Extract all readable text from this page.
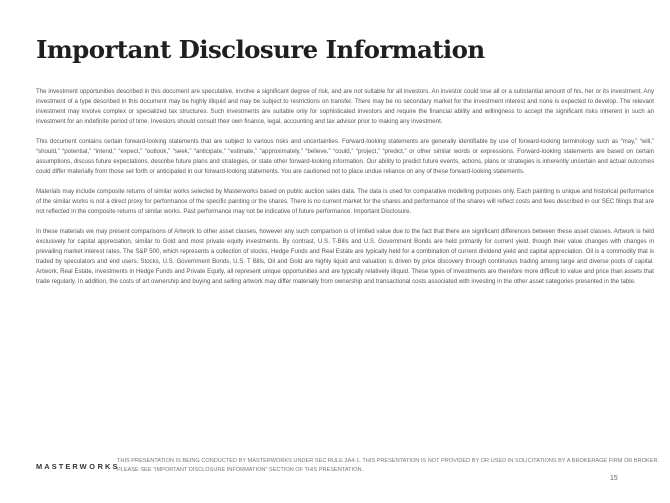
Important Disclosure Information

The investment opportunities described in this document are speculative, involve a significant degree of risk, and are not suitable for all investors. An investor could lose all or a substantial amount of his, her or its investment. Any investment of a type described in this document may be highly illiquid and may be subject to restrictions on transfer. There may be no secondary market for the investment interest and none is expected to develop. The relevant investment may involve complex or specialized tax structures. Such investments are suitable only for sophisticated investors and require the financial ability and willingness to accept the significant risks inherent in such an investment for an indefinite period of time. Investors should consult their own finance, legal, accounting and tax advisor prior to making any investment.

This document contains certain forward-looking statements that are subject to various risks and uncertainties. Forward-looking statements are generally identifiable by use of forward-looking terminology such as “may,” “will,” “should,” “potential,” “intend,” “expect,” “outlook,” “seek,” “anticipate,” “estimate,” “approximately,” “believe,” “could,” “project,” “predict,” or other similar words or expressions. Forward-looking statements are based on certain assumptions, discuss future expectations, describe future plans and strategies, or state other forward-looking information. Our ability to predict future events, actions, plans or strategies is inherently uncertain and actual outcomes could differ materially from those set forth or anticipated in our forward-looking statements. You are cautioned not to place undue reliance on any of these forward-looking statements.

Materials may include composite returns of similar works selected by Masterworks based on public auction sales data. The data is used for comparative modelling purposes only. Each painting is unique and historical performance of the similar works is not a direct proxy for performance of the specific painting or the shares. There is no current market for the shares and performance of the shares will reflect costs and fees described in our SEC filings that are not reflected in the composite returns of similar works. Past performance may not be indicative of future performance. Important Disclosure.

In these materials we may present comparisons of Artwork to other asset classes, however any such comparison is of limited value due to the fact that there are significant differences between these asset classes. Artwork is held exclusively for capital appreciation, similar to Gold and most private equity investments. By contrast, U.S. T-Bills and U.S. Government Bonds are held primarily for current yield, though their value changes with changes in prevailing market interest rates. The S&P 500, which represents a collection of stocks, Hedge Funds and Real Estate are typically held for a combination of current dividend yield and capital appreciation. Oil is a commodity that is traded by speculators and end users. Stocks, U.S. Government Bonds, U.S. T Bills, Oil and Gold are highly liquid and valuation is driven by price discovery through continuous trading among large and diverse pools of capital. Artwork, Real Estate, investments in Hedge Funds and Private Equity, all represent unique opportunities and are typically relatively illiquid. These types of investments are therefore more difficult to value and price than assets that trade regularly. In addition, the costs of art ownership and buying and selling artwork may differ materially from ownership and transactional costs associated with investing in the other asset categories presented in the table.

MASTERWORKS
THIS PRESENTATION IS BEING CONDUCTED BY MASTERWORKS UNDER SEC RULE 3A4-1. THIS PRESENTATION IS NOT PROVIDED BY OR USED IN SOLICITATIONS BY A BROKERAGE FIRM OR BROKER. PLEASE SEE “IMPORTANT DISCLOSURE INFORMATION” SECTION OF THIS PRESENTATION.
15
